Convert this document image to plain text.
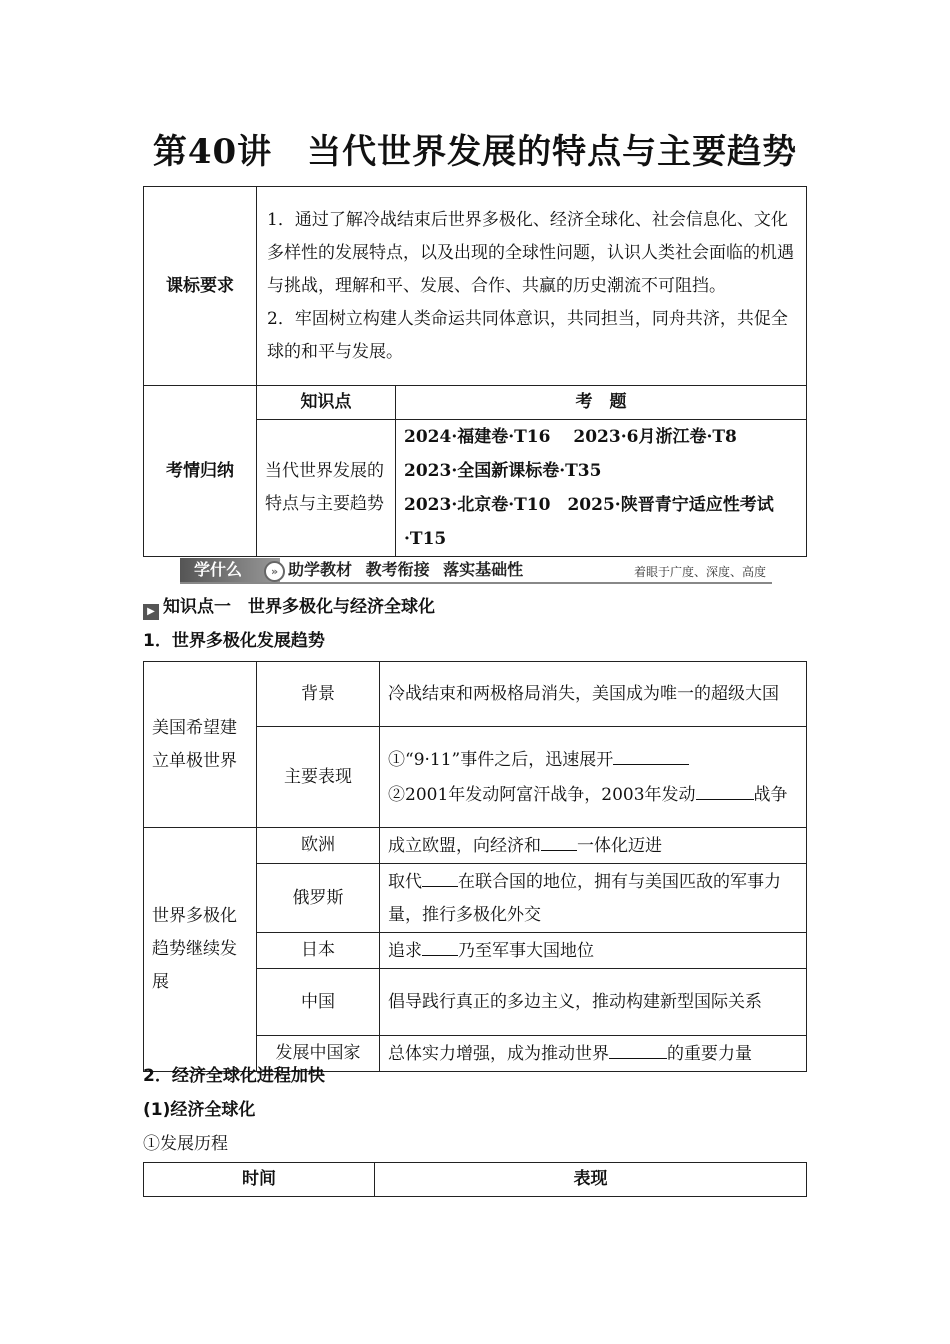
第40讲　当代世界发展的特点与主要趋势
课标要求	1．通过了解冷战结束后世界多极化、经济全球化、社会信息化、文化多样性的发展特点，以及出现的全球性问题，认识人类社会面临的机遇与挑战，理解和平、发展、合作、共赢的历史潮流不可阻挡。
2．牢固树立构建人类命运共同体意识，共同担当，同舟共济，共促全球的和平与发展。	

考情归纳	知识点	考　题
	当代世界发展的特点与主要趋势	2024·福建卷·T16　 2023·6月浙江卷·T8
2023·全国新课标卷·T35
2023·北京卷·T10　2025·陕晋青宁适应性考试·T15
学什么	» 助学教材 教考衔接 落实基础性	着眼于广度、深度、高度
▶ 知识点一　世界多极化与经济全球化
1．世界多极化发展趋势
美国希望建立单极世界	背景	冷战结束和两极格局消失，美国成为唯一的超级大国
	主要表现	①“9·11”事件之后，迅速展开
②2001年发动阿富汗战争，2003年发动 战争

世界多极化趋势继续发展	欧洲	成立欧盟，向经济和 一体化迈进
	俄罗斯	取代 在联合国的地位，拥有与美国匹敌的军事力量，推行多极化外交
	日本	追求 乃至军事大国地位
	中国	倡导践行真正的多边主义，推动构建新型国际关系
	发展中国家	总体实力增强，成为推动世界 的重要力量
2．经济全球化进程加快
(1)经济全球化
①发展历程
时间	表现
